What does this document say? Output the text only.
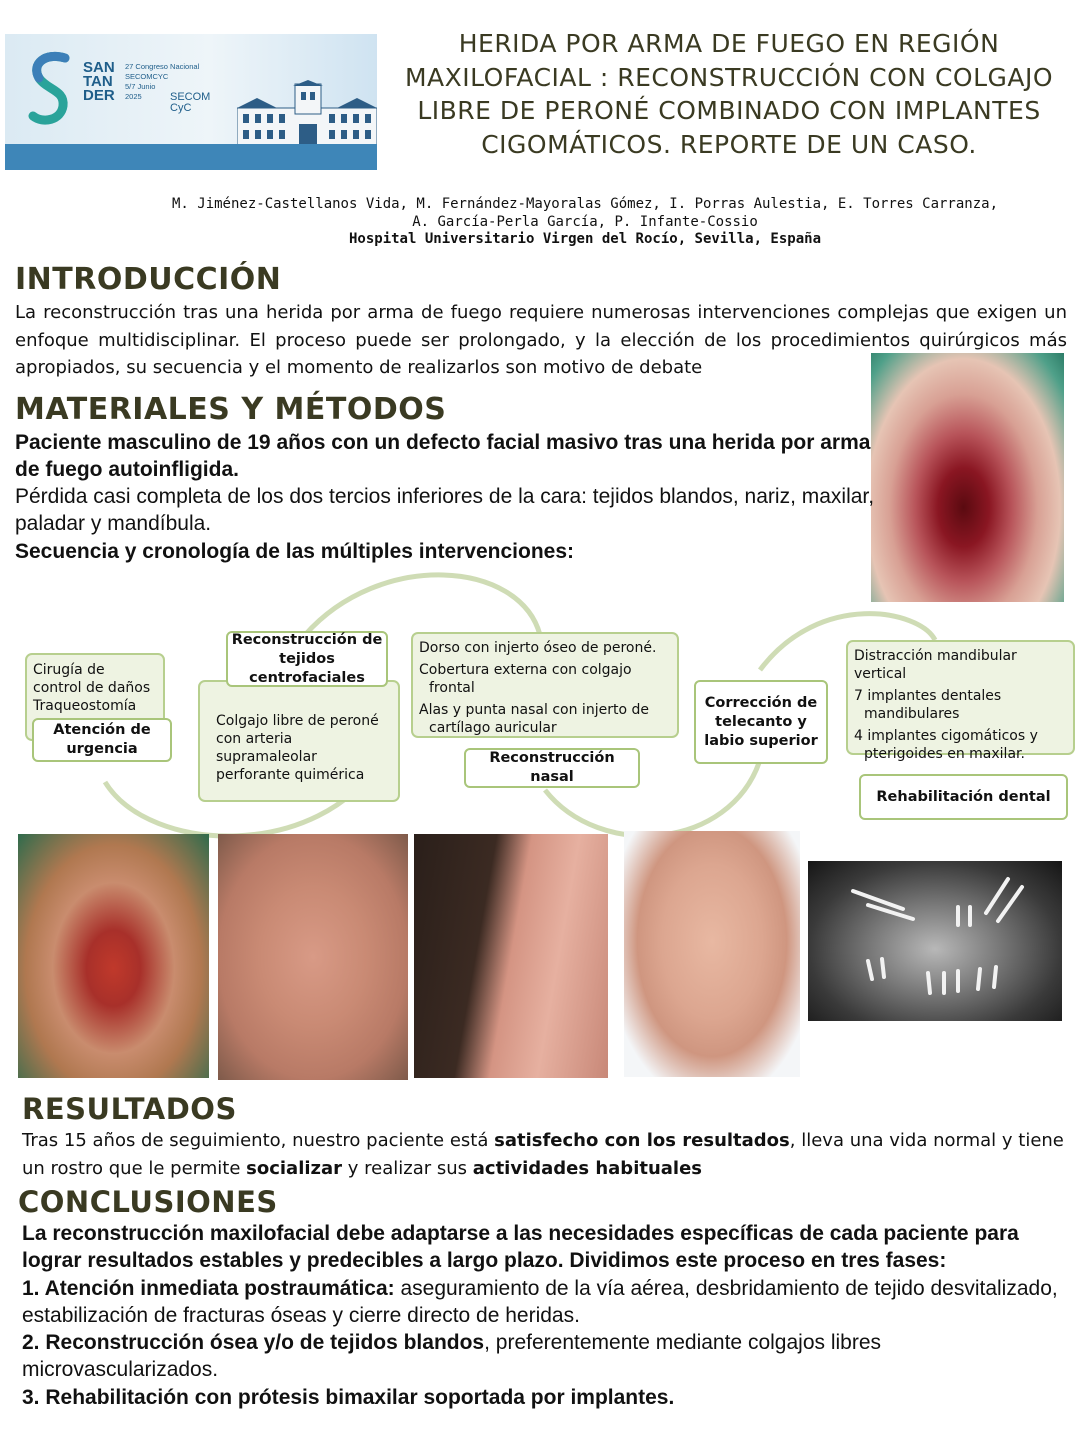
SAN
TAN
DER
27 Congreso Nacional
SECOMCYC
5/7 Junio
2025	SECOM
CyC
HERIDA POR ARMA DE FUEGO EN REGIÓN MAXILOFACIAL : RECONSTRUCCIÓN CON COLGAJO LIBRE DE PERONÉ COMBINADO CON IMPLANTES CIGOMÁTICOS. REPORTE DE UN CASO.
M. Jiménez-Castellanos Vida, M. Fernández-Mayoralas Gómez, I. Porras Aulestia, E. Torres Carranza,
A. García-Perla García, P. Infante-Cossio
Hospital Universitario Virgen del Rocío, Sevilla, España
INTRODUCCIÓN
La reconstrucción tras una herida por arma de fuego requiere numerosas intervenciones complejas que exigen un enfoque multidisciplinar. El proceso puede ser prolongado, y la elección de los procedimientos quirúrgicos más apropiados, su secuencia y el momento de realizarlos son motivo de debate
MATERIALES Y MÉTODOS
Paciente masculino de 19 años con un defecto facial masivo tras una herida por arma de fuego autoinfligida.
Pérdida casi completa de los dos tercios inferiores de la cara: tejidos blandos, nariz, maxilar, paladar y mandíbula.
Secuencia y cronología de las múltiples intervenciones:
Cirugía de control de daños
Traqueostomía
Atención de urgencia
Colgajo libre de peroné con arteria supramaleolar perforante quimérica
Reconstrucción de tejidos centrofaciales
Dorso con injerto óseo de peroné.
Cobertura externa con colgajo frontal
Alas y punta nasal con injerto de cartílago auricular
Reconstrucción nasal
Corrección de telecanto y labio superior
Distracción mandibular vertical
7 implantes dentales mandibulares
4 implantes cigomáticos y pterigoides en maxilar.
Rehabilitación dental
RESULTADOS
Tras 15 años de seguimiento, nuestro paciente está satisfecho con los resultados, lleva una vida normal y tiene un rostro que le permite socializar y realizar sus actividades habituales
CONCLUSIONES

La reconstrucción maxilofacial debe adaptarse a las necesidades específicas de cada paciente para lograr resultados estables y predecibles a largo plazo. Dividimos este proceso en tres fases:

1. Atención inmediata postraumática: aseguramiento de la vía aérea, desbridamiento de tejido desvitalizado, estabilización de fracturas óseas y cierre directo de heridas.

2. Reconstrucción ósea y/o de tejidos blandos, preferentemente mediante colgajos libres microvascularizados.

3. Rehabilitación con prótesis bimaxilar soportada por implantes.
